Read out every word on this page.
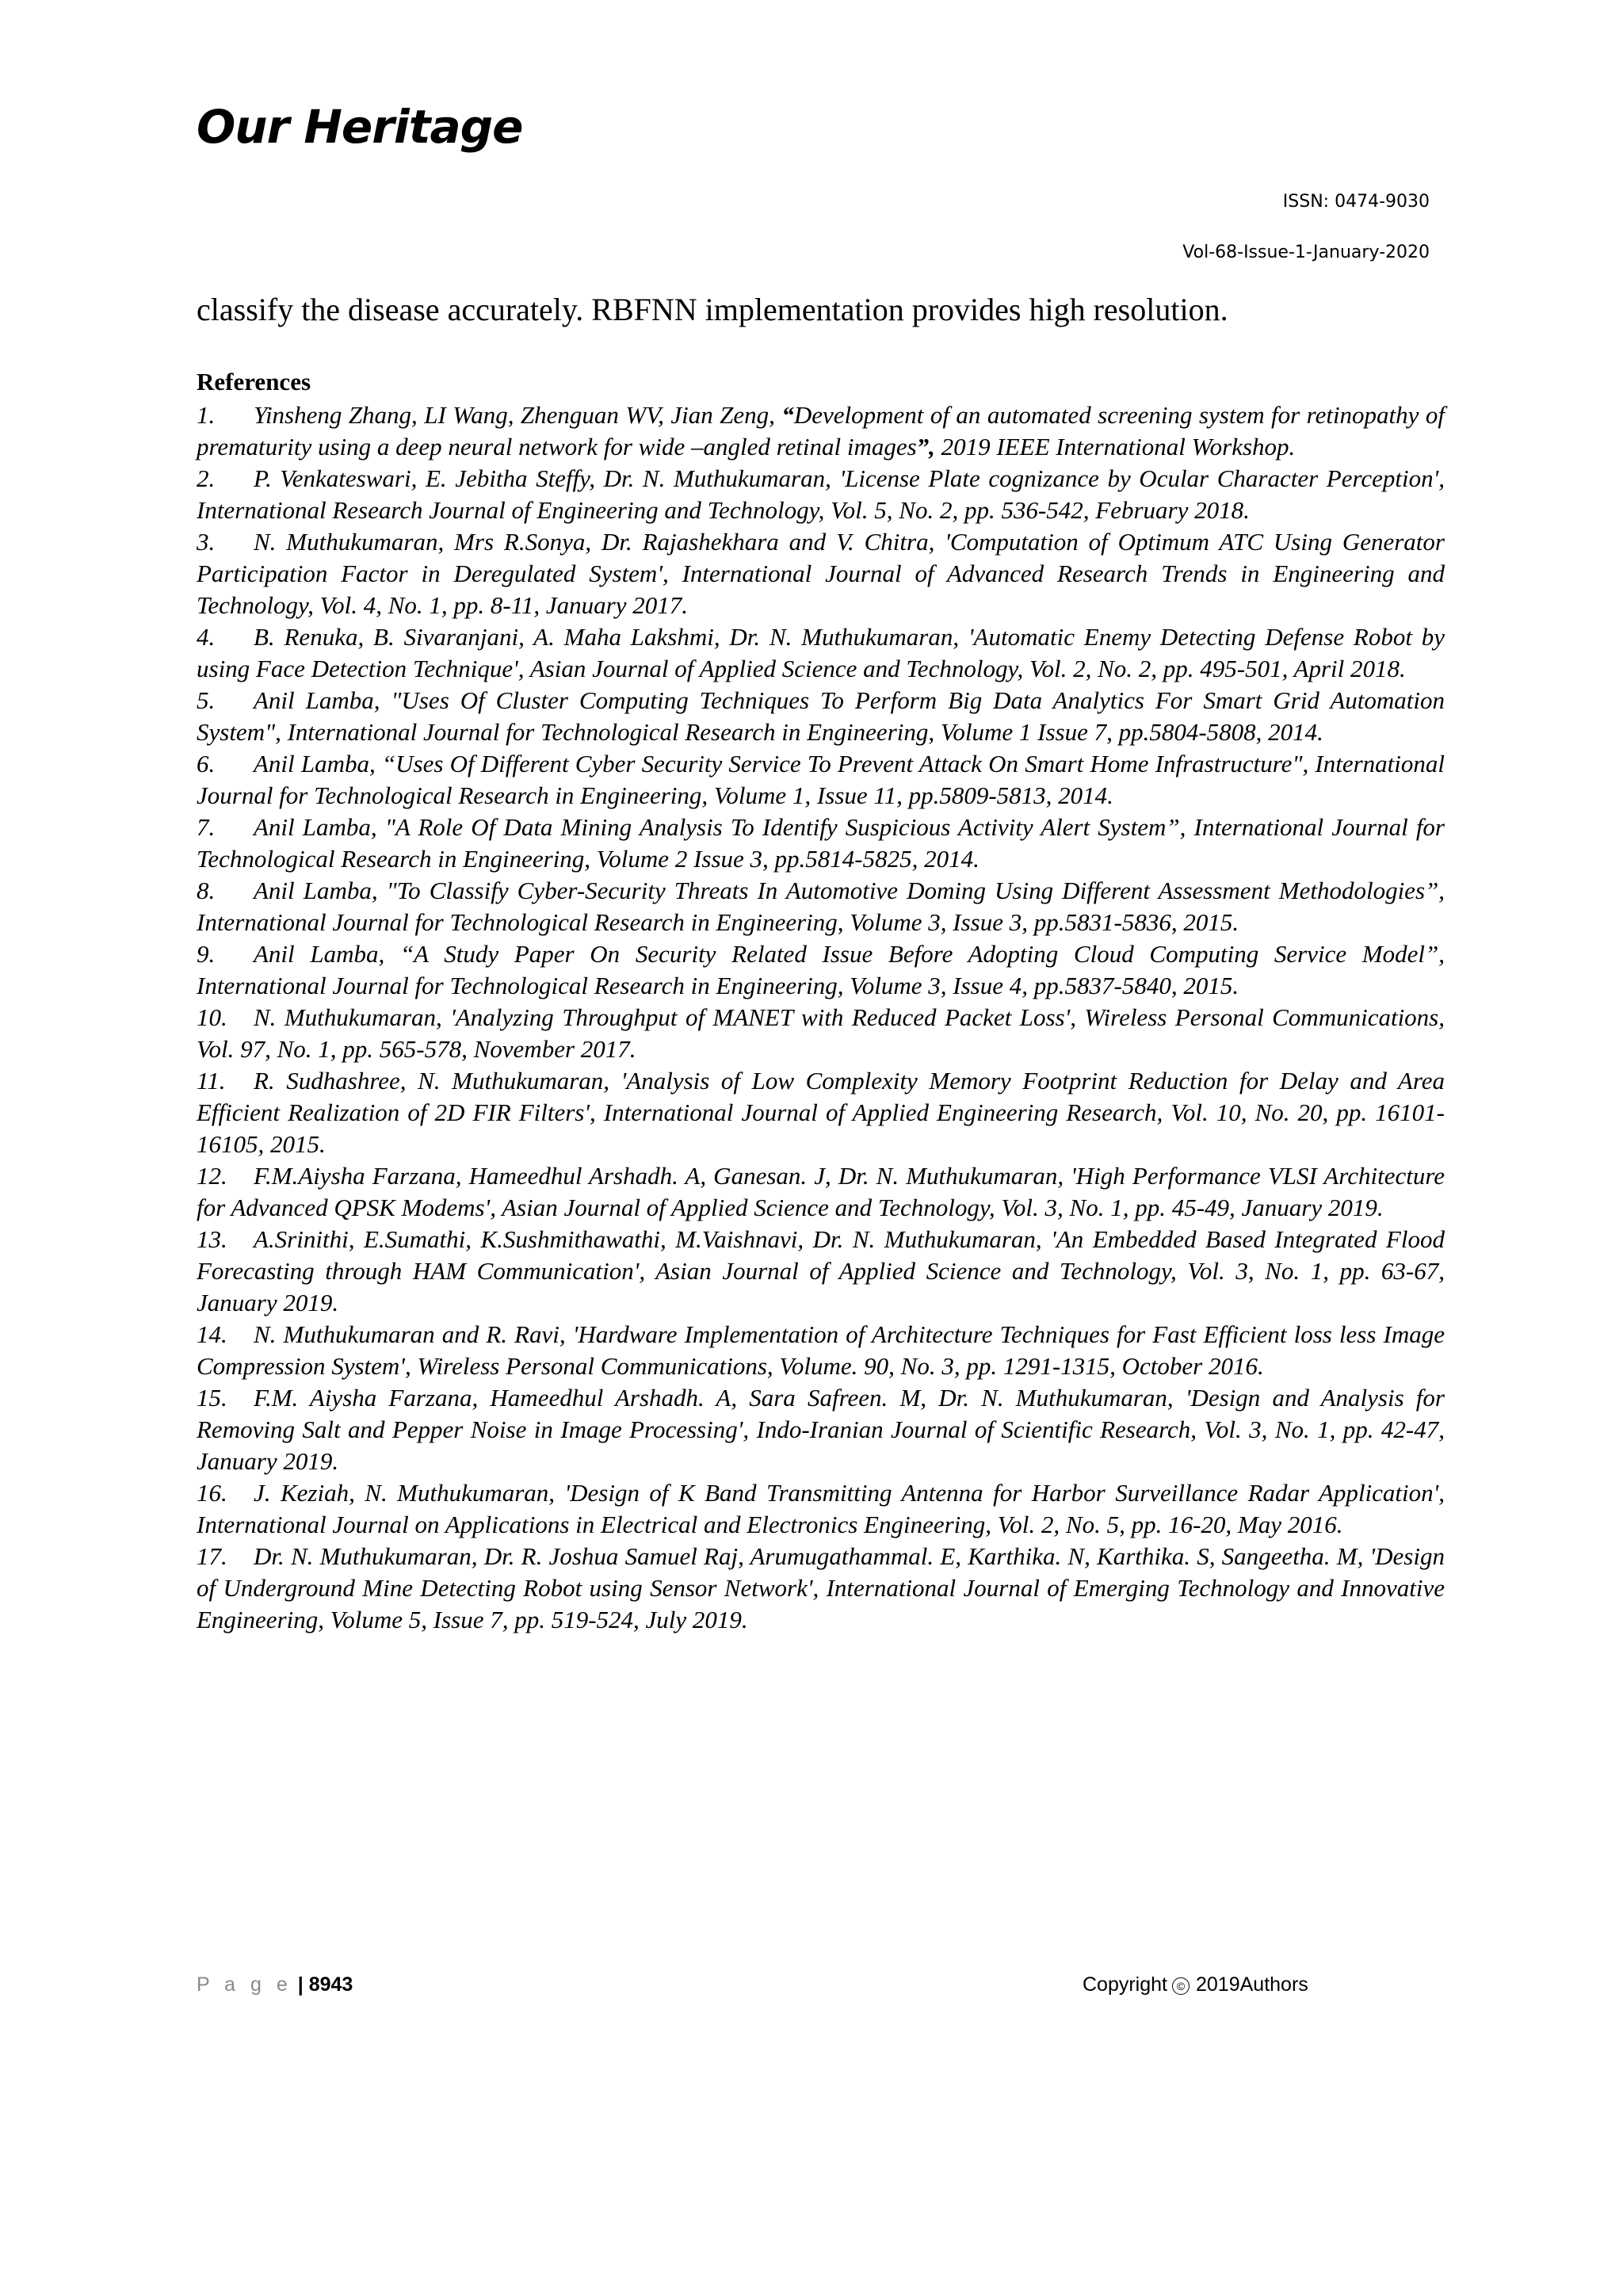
Our Heritage
ISSN: 0474-9030
Vol-68-Issue-1-January-2020

classify the disease accurately. RBFNN implementation provides high resolution.

References
1. Yinsheng Zhang, LI Wang, Zhenguan WV, Jian Zeng, “Development of an automated screening system for retinopathy of prematurity using a deep neural network for wide –angled retinal images”, 2019 IEEE International Workshop.
2. P. Venkateswari, E. Jebitha Steffy, Dr. N. Muthukumaran, 'License Plate cognizance by Ocular Character Perception', International Research Journal of Engineering and Technology, Vol. 5, No. 2, pp. 536-542, February 2018.
3. N. Muthukumaran, Mrs R.Sonya, Dr. Rajashekhara and V. Chitra, 'Computation of Optimum ATC Using Generator Participation Factor in Deregulated System', International Journal of Advanced Research Trends in Engineering and Technology, Vol. 4, No. 1, pp. 8-11, January 2017.
4. B. Renuka, B. Sivaranjani, A. Maha Lakshmi, Dr. N. Muthukumaran, 'Automatic Enemy Detecting Defense Robot by using Face Detection Technique', Asian Journal of Applied Science and Technology, Vol. 2, No. 2, pp. 495-501, April 2018.
5. Anil Lamba, "Uses Of Cluster Computing Techniques To Perform Big Data Analytics For Smart Grid Automation System", International Journal for Technological Research in Engineering, Volume 1 Issue 7, pp.5804-5808, 2014.
6. Anil Lamba, “Uses Of Different Cyber Security Service To Prevent Attack On Smart Home Infrastructure", International Journal for Technological Research in Engineering, Volume 1, Issue 11, pp.5809-5813, 2014.
7. Anil Lamba, "A Role Of Data Mining Analysis To Identify Suspicious Activity Alert System”, International Journal for Technological Research in Engineering, Volume 2 Issue 3, pp.5814-5825, 2014.
8. Anil Lamba, "To Classify Cyber-Security Threats In Automotive Doming Using Different Assessment Methodologies”, International Journal for Technological Research in Engineering, Volume 3, Issue 3, pp.5831-5836, 2015.
9. Anil Lamba, “A Study Paper On Security Related Issue Before Adopting Cloud Computing Service Model”, International Journal for Technological Research in Engineering, Volume 3, Issue 4, pp.5837-5840, 2015.
10. N. Muthukumaran, 'Analyzing Throughput of MANET with Reduced Packet Loss', Wireless Personal Communications, Vol. 97, No. 1, pp. 565-578, November 2017.
11. R. Sudhashree, N. Muthukumaran, 'Analysis of Low Complexity Memory Footprint Reduction for Delay and Area Efficient Realization of 2D FIR Filters', International Journal of Applied Engineering Research, Vol. 10, No. 20, pp. 16101-16105, 2015.
12. F.M.Aiysha Farzana, Hameedhul Arshadh. A, Ganesan. J, Dr. N. Muthukumaran, 'High Performance VLSI Architecture for Advanced QPSK Modems', Asian Journal of Applied Science and Technology, Vol. 3, No. 1, pp. 45-49, January 2019.
13. A.Srinithi, E.Sumathi, K.Sushmithawathi, M.Vaishnavi, Dr. N. Muthukumaran, 'An Embedded Based Integrated Flood Forecasting through HAM Communication', Asian Journal of Applied Science and Technology, Vol. 3, No. 1, pp. 63-67, January 2019.
14. N. Muthukumaran and R. Ravi, 'Hardware Implementation of Architecture Techniques for Fast Efficient loss less Image Compression System', Wireless Personal Communications, Volume. 90, No. 3, pp. 1291-1315, October 2016.
15. F.M. Aiysha Farzana, Hameedhul Arshadh. A, Sara Safreen. M, Dr. N. Muthukumaran, 'Design and Analysis for Removing Salt and Pepper Noise in Image Processing', Indo-Iranian Journal of Scientific Research, Vol. 3, No. 1, pp. 42-47, January 2019.
16. J. Keziah, N. Muthukumaran, 'Design of K Band Transmitting Antenna for Harbor Surveillance Radar Application', International Journal on Applications in Electrical and Electronics Engineering, Vol. 2, No. 5, pp. 16-20, May 2016.
17. Dr. N. Muthukumaran, Dr. R. Joshua Samuel Raj, Arumugathammal. E, Karthika. N, Karthika. S, Sangeetha. M, 'Design of Underground Mine Detecting Robot using Sensor Network', International Journal of Emerging Technology and Innovative Engineering, Volume 5, Issue 7, pp. 519-524, July 2019.
P a g e | 8943	Copyright © 2019Authors
